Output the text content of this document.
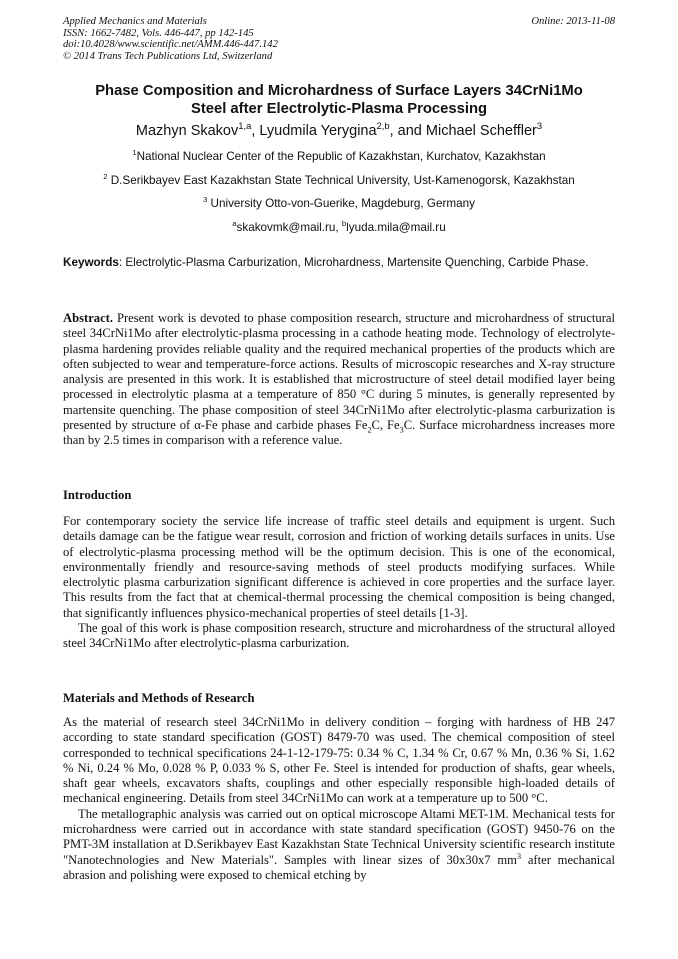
Applied Mechanics and Materials
ISSN: 1662-7482, Vols. 446-447, pp 142-145
doi:10.4028/www.scientific.net/AMM.446-447.142
© 2014 Trans Tech Publications Ltd, Switzerland
Online: 2013-11-08
Phase Composition and Microhardness of Surface Layers 34CrNi1Mo
Steel after Electrolytic-Plasma Processing
Mazhyn Skakov$^{1,a}$, Lyudmila Yerygina$^{2,b}$, and Michael Scheffler$^3$
$^1$National Nuclear Center of the Republic of Kazakhstan, Kurchatov, Kazakhstan
$^2$ D.Serikbayev East Kazakhstan State Technical University, Ust-Kamenogorsk, Kazakhstan
$^3$ University Otto-von-Guerike, Magdeburg, Germany
$^a$skakovmk@mail.ru, $^b$lyuda.mila@mail.ru
Keywords: Electrolytic-Plasma Carburization, Microhardness, Martensite Quenching, Carbide Phase.

Abstract. Present work is devoted to phase composition research, structure and microhardness of structural steel 34CrNi1Mo after electrolytic-plasma processing in a cathode heating mode. Technology of electrolyte-plasma hardening provides reliable quality and the required mechanical properties of the products which are often subjected to wear and temperature-force actions. Results of microscopic researches and X-ray structure analysis are presented in this work. It is established that microstructure of steel detail modified layer being processed in electrolytic plasma at a temperature of 850 °C during 5 minutes, is generally represented by martensite quenching. The phase composition of steel 34CrNi1Mo after electrolytic-plasma carburization is presented by structure of α-Fe phase and carbide phases $Fe_2C$, $Fe_3C$. Surface microhardness increases more than by 2.5 times in comparison with a reference value.

Introduction

For contemporary society the service life increase of traffic steel details and equipment is urgent. Such details damage can be the fatigue wear result, corrosion and friction of working details surfaces in units. Use of electrolytic-plasma processing method will be the optimum decision. This is one of the economical, environmentally friendly and resource-saving methods of steel products modifying surfaces. While electrolytic plasma carburization significant difference is achieved in core properties and the surface layer. This results from the fact that at chemical-thermal processing the chemical composition is being changed, that significantly influences physico-mechanical properties of steel details [1-3].

The goal of this work is phase composition research, structure and microhardness of the structural alloyed steel 34CrNi1Mo after electrolytic-plasma carburization.

Materials and Methods of Research

As the material of research steel 34CrNi1Mo in delivery condition – forging with hardness of HB 247 according to state standard specification (GOST) 8479-70 was used. The chemical composition of steel corresponded to technical specifications 24-1-12-179-75: 0.34 % C, 1.34 % Cr, 0.67 % Mn, 0.36 % Si, 1.62 % Ni, 0.24 % Mo, 0.028 % P, 0.033 % S, other Fe. Steel is intended for production of shafts, gear wheels, shaft gear wheels, excavators shafts, couplings and other especially responsible high-loaded details of mechanical engineering. Details from steel 34CrNi1Mo can work at a temperature up to 500 °C.

The metallographic analysis was carried out on optical microscope Altami MET-1M. Mechanical tests for microhardness were carried out in accordance with state standard specification (GOST) 9450-76 on the PMT-3M installation at D.Serikbayev East Kazakhstan State Technical University scientific research institute "Nanotechnologies and New Materials". Samples with linear sizes of 30x30x7 $mm^3$ after mechanical abrasion and polishing were exposed to chemical etching by
